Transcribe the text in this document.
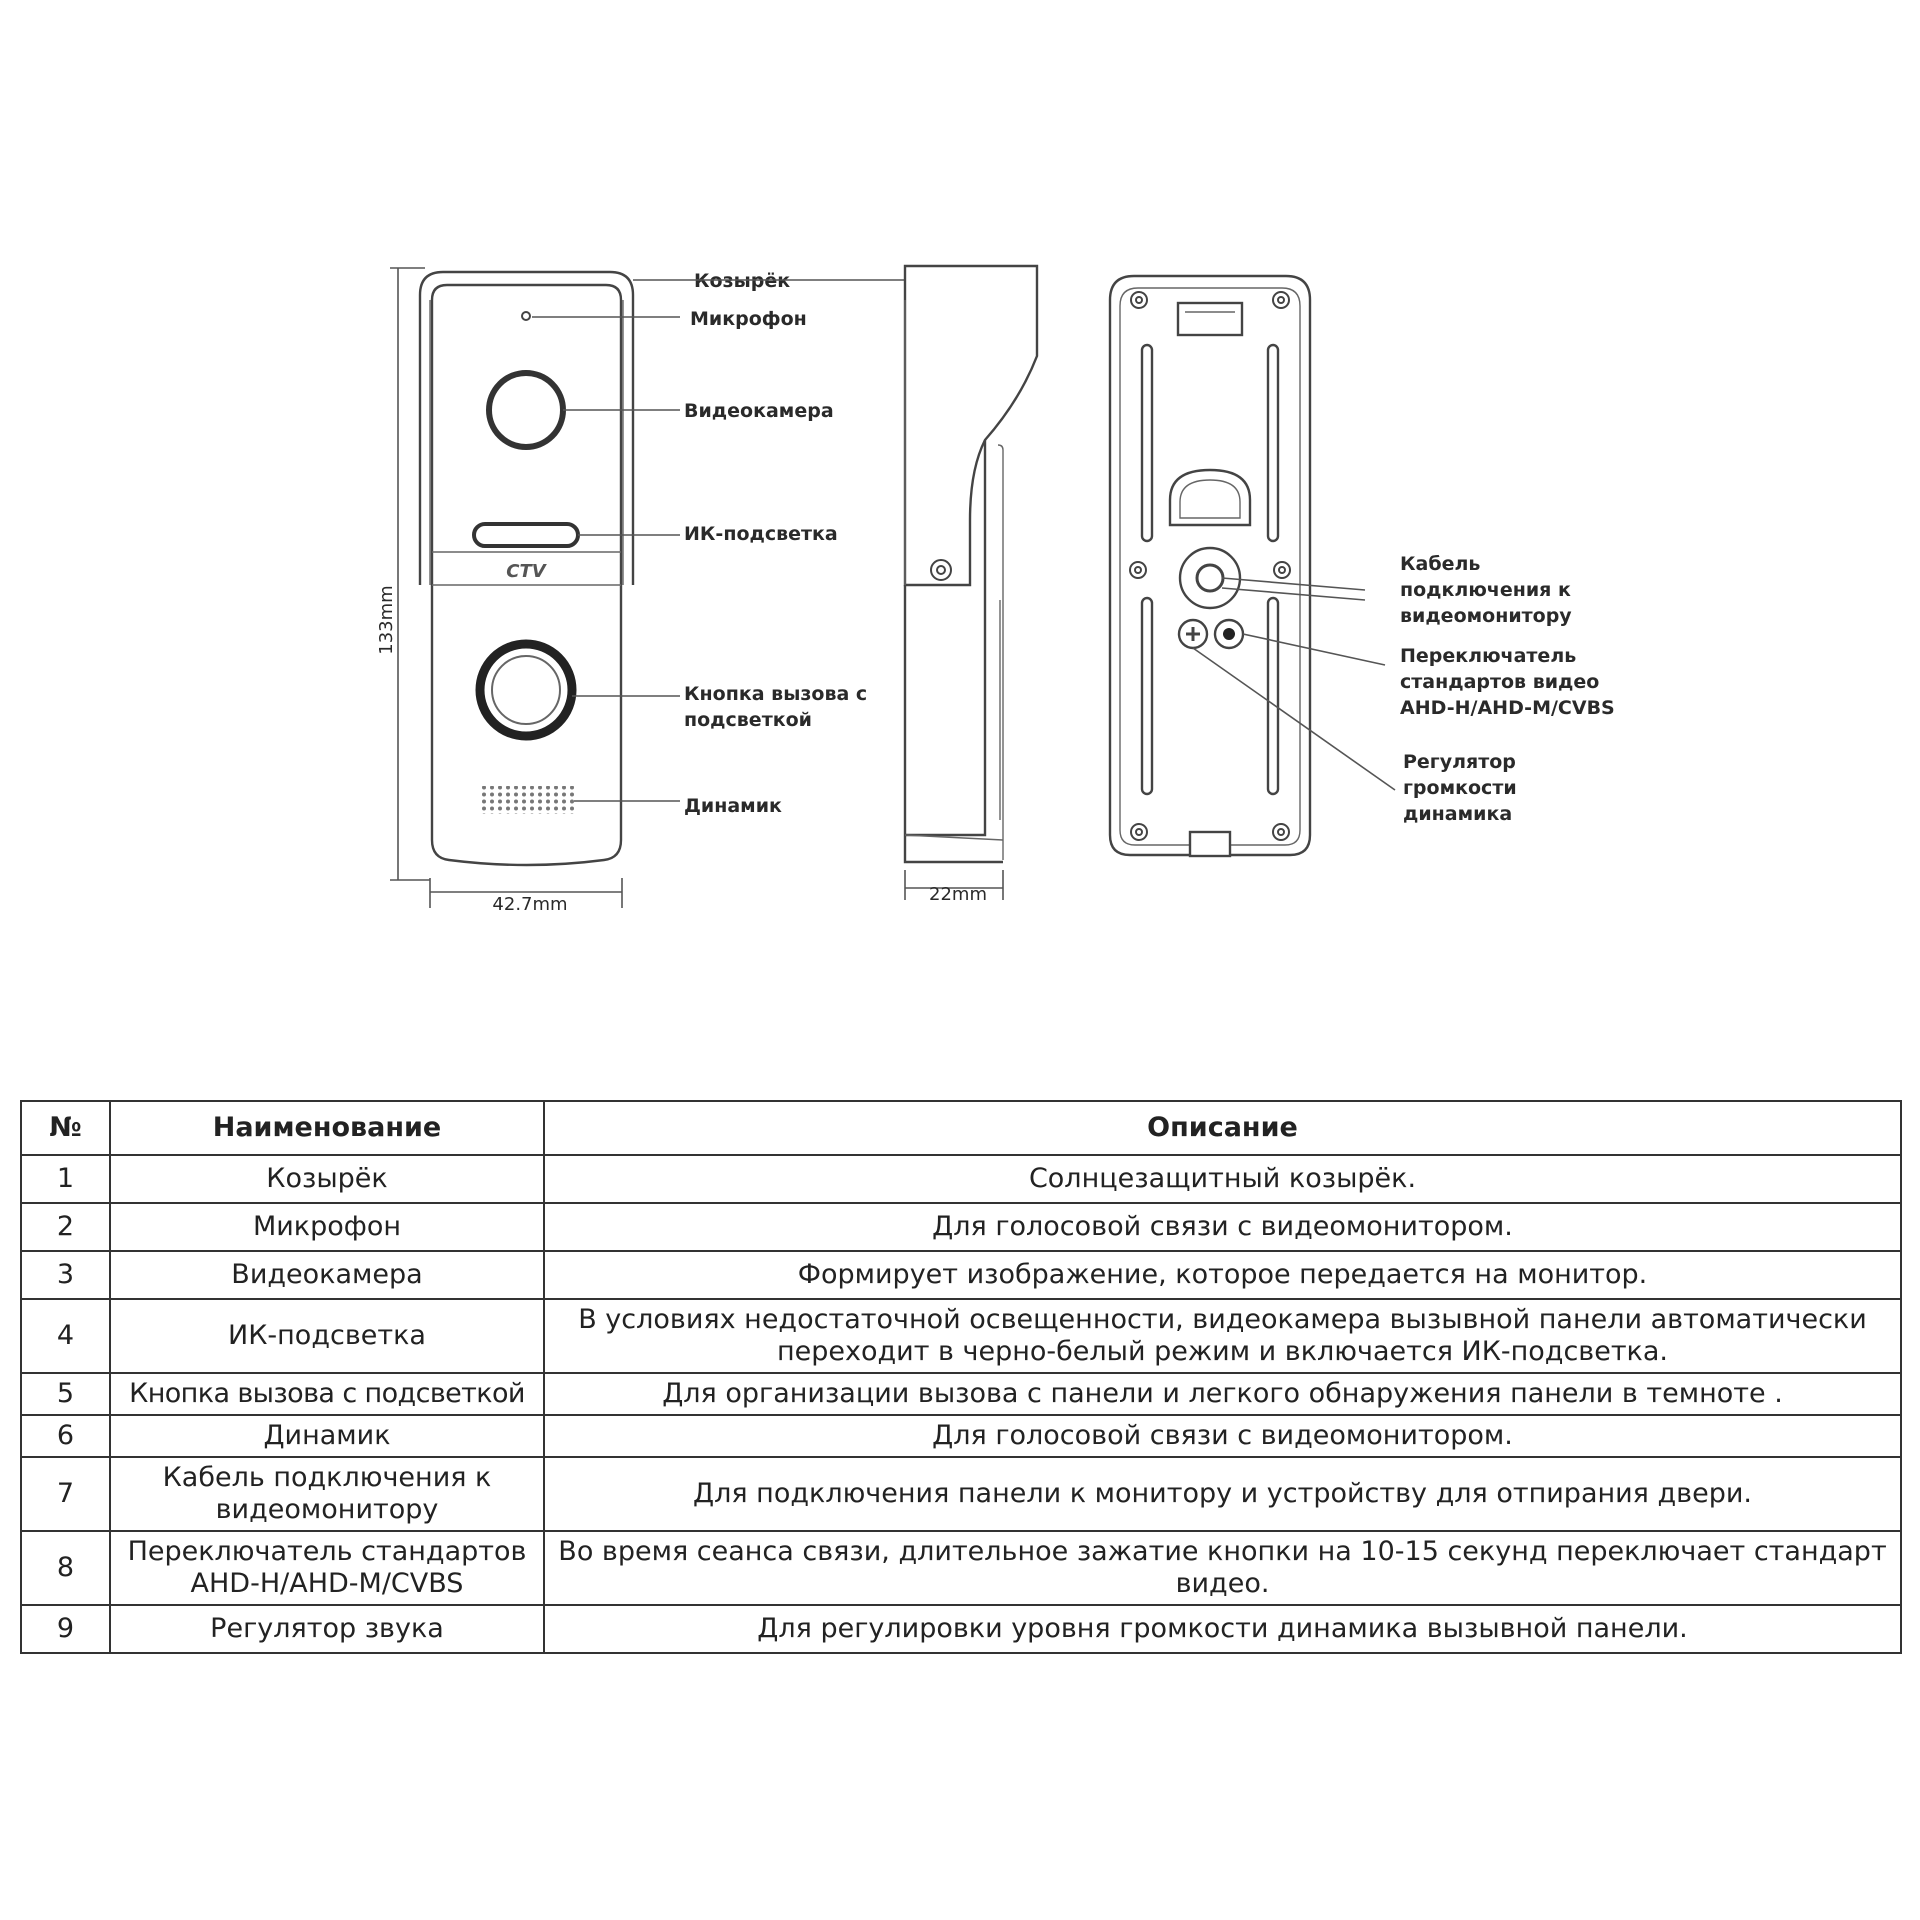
CTV
133mm
42.7mm
Козырёк
Микрофон
Видеокамера
ИК-подсветка
Кнопка вызова с
подсветкой
Динамик
22mm
Кабель
подключения к
видеомонитору
Переключатель
стандартов видео
AHD-H/AHD-M/CVBS
Регулятор
громкости
динамика
№	Наименование	Описание
1	Козырёк	Солнцезащитный козырёк.
2	Микрофон	Для голосовой связи с видеомонитором.
3	Видеокамера	Формирует изображение, которое передается на монитор.
4	ИК-подсветка	В условиях недостаточной освещенности, видеокамера вызывной панели автоматически переходит в черно-белый режим и включается ИК-подсветка.
5	Кнопка вызова с подсветкой	Для организации вызова с панели и легкого обнаружения панели в темноте .
6	Динамик	Для голосовой связи с видеомонитором.
7	Кабель подключения к видеомонитору	Для подключения панели к монитору и устройству для отпирания двери.
8	Переключатель стандартов AHD-H/AHD-M/CVBS	Во время сеанса связи, длительное зажатие кнопки на 10-15 секунд переключает стандарт видео.
9	Регулятор звука	Для регулировки уровня громкости динамика вызывной панели.
